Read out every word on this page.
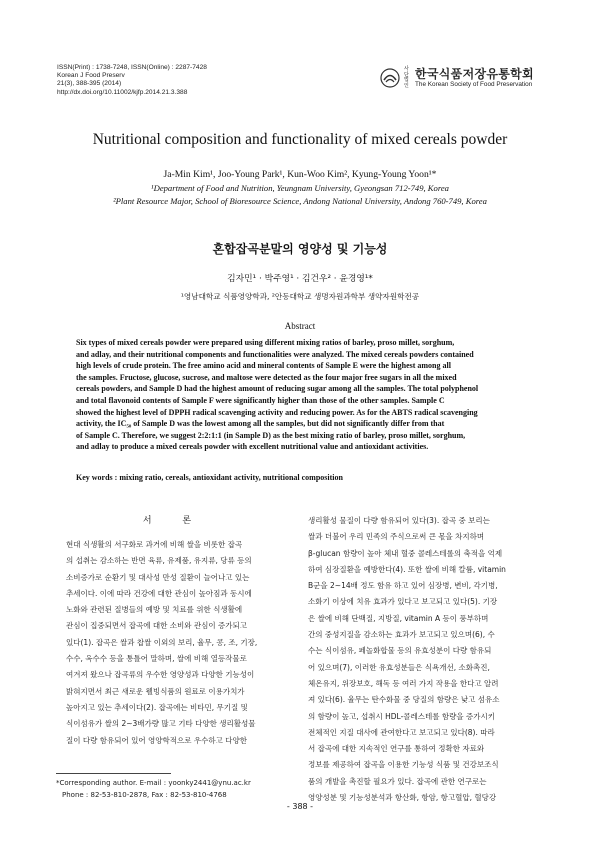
ISSN(Print) : 1738-7248, ISSN(Online) : 2287-7428
Korean J Food Preserv
21(3), 388-395 (2014)
http://dx.doi.org/10.11002/kjfp.2014.21.3.388
사단 법인
한국식품저장유통학회
The Korean Society of Food Preservation
Nutritional composition and functionality of mixed cereals powder
Ja-Min Kim¹, Joo-Young Park¹, Kun-Woo Kim², Kyung-Young Yoon¹*
¹Department of Food and Nutrition, Yeungnam University, Gyeongsan 712-749, Korea
²Plant Resource Major, School of Bioresource Science, Andong National University, Andong 760-749, Korea
혼합잡곡분말의 영양성 및 기능성
김자민¹ · 박주영¹ · 김건우² · 윤경영¹*
¹영남대학교 식품영양학과, ²안동대학교 생명자원과학부 생약자원학전공
Abstract
Six types of mixed cereals powder were prepared using different mixing ratios of barley, proso millet, sorghum,
and adlay, and their nutritional components and functionalities were analyzed. The mixed cereals powders contained
high levels of crude protein. The free amino acid and mineral contents of Sample E were the highest among all
the samples. Fructose, glucose, sucrose, and maltose were detected as the four major free sugars in all the mixed
cereals powders, and Sample D had the highest amount of reducing sugar among all the samples. The total polyphenol
and total flavonoid contents of Sample F were significantly higher than those of the other samples. Sample C
showed the highest level of DPPH radical scavenging activity and reducing power. As for the ABTS radical scavenging
activity, the IC₅₀ of Sample D was the lowest among all the samples, but did not significantly differ from that
of Sample C. Therefore, we suggest 2:2:1:1 (in Sample D) as the best mixing ratio of barley, proso millet, sorghum,
and adlay to produce a mixed cereals powder with excellent nutritional value and antioxidant activities.
Key words : mixing ratio, cereals, antioxidant activity, nutritional composition
서 론
현대 식생활의 서구화로 과거에 비해 쌀을 비롯한 잡곡
의 섭취는 감소하는 반면 육류, 유제품, 유지류, 당류 등의
소비증가로 순환기 및 대사성 만성 질환이 늘어나고 있는
추세이다. 이에 따라 건강에 대한 관심이 높아짐과 동시에
노화와 관련된 질병들의 예방 및 치료를 위한 식생활에
관심이 집중되면서 잡곡에 대한 소비와 관심이 증가되고
있다(1). 잡곡은 쌀과 찹쌀 이외의 보리, 율무, 콩, 조, 기장,
수수, 옥수수 등을 통틀어 말하며, 쌀에 비해 열등작물로
여겨져 왔으나 잡곡류의 우수한 영양성과 다양한 기능성이
밝혀지면서 최근 새로운 웰빙식품의 원료로 이용가치가
높아지고 있는 추세이다(2). 잡곡에는 비타민, 무기질 및
식이섬유가 쌀의 2~3배가량 많고 기타 다양한 생리활성물
질이 다량 함유되어 있어 영양학적으로 우수하고 다양한
생리활성 물질이 다량 함유되어 있다(3). 잡곡 중 보리는
쌀과 더불어 우리 민족의 주식으로써 큰 몫을 차지하며
β-glucan 함량이 높아 체내 혈중 콜레스테롤의 축적을 억제
하여 심장질환을 예방한다(4). 또한 쌀에 비해 칼륨, vitamin
B군을 2~14배 정도 함유 하고 있어 심장병, 변비, 각기병,
소화기 이상에 치유 효과가 있다고 보고되고 있다(5). 기장
은 쌀에 비해 단백질, 지방질, vitamin A 등이 풍부하며
간의 중성지질을 감소하는 효과가 보고되고 있으며(6), 수
수는 식이섬유, 페놀화합물 등의 유효성분이 다량 함유되
어 있으며(7), 이러한 유효성분들은 식욕개선, 소화촉진,
체온유지, 위장보호, 해독 등 여러 가지 작용을 한다고 알려
져 있다(6). 율무는 탄수화물 중 당질의 함량은 낮고 섬유소
의 함량이 높고, 섭취시 HDL-콜레스테롤 함량을 증가시키
전체적인 지질 대사에 관여한다고 보고되고 있다(8). 따라
서 잡곡에 대한 지속적인 연구를 통하여 정확한 자료와
정보를 제공하여 잡곡을 이용한 기능성 식품 및 건강보조식
품의 개발을 촉진할 필요가 있다. 잡곡에 관한 연구로는
영양성분 및 기능성분석과 항산화, 항암, 항고혈압, 혈당강
*Corresponding author. E-mail : yoonky2441@ynu.ac.kr
Phone : 82-53-810-2878, Fax : 82-53-810-4768
- 388 -
